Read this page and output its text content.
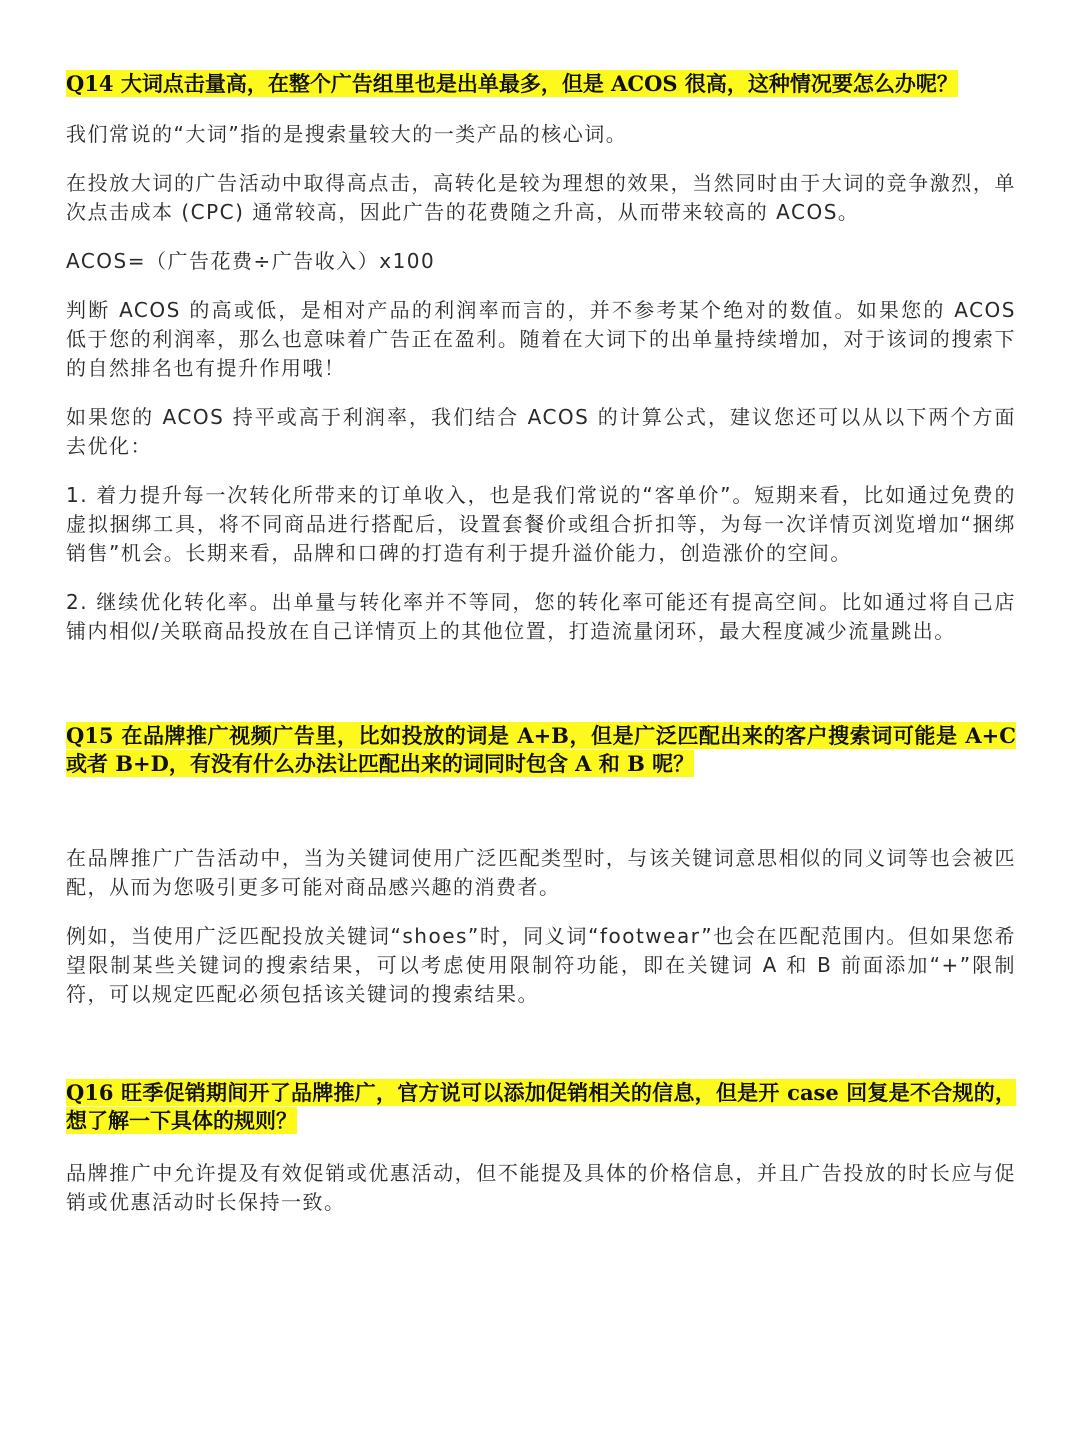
Q14 大词点击量高，在整个广告组里也是出单最多，但是 ACOS 很高，这种情况要怎么办呢？

我们常说的“大词”指的是搜索量较大的一类产品的核心词。

在投放大词的广告活动中取得高点击，高转化是较为理想的效果，当然同时由于大词的竞争激烈，单次点击成本 (CPC) 通常较高，因此广告的花费随之升高，从而带来较高的 ACOS。

ACOS=（广告花费÷广告收入）x100

判断 ACOS 的高或低，是相对产品的利润率而言的，并不参考某个绝对的数值。如果您的 ACOS 低于您的利润率，那么也意味着广告正在盈利。随着在大词下的出单量持续增加，对于该词的搜索下的自然排名也有提升作用哦！

如果您的 ACOS 持平或高于利润率，我们结合 ACOS 的计算公式，建议您还可以从以下两个方面去优化：

1. 着力提升每一次转化所带来的订单收入，也是我们常说的“客单价”。短期来看，比如通过免费的虚拟捆绑工具，将不同商品进行搭配后，设置套餐价或组合折扣等，为每一次详情页浏览增加“捆绑销售”机会。长期来看，品牌和口碑的打造有利于提升溢价能力，创造涨价的空间。

2. 继续优化转化率。出单量与转化率并不等同，您的转化率可能还有提高空间。比如通过将自己店铺内相似/关联商品投放在自己详情页上的其他位置，打造流量闭环，最大程度减少流量跳出。

Q15 在品牌推广视频广告里，比如投放的词是 A+B，但是广泛匹配出来的客户搜索词可能是 A+C 或者 B+D，有没有什么办法让匹配出来的词同时包含 A 和 B 呢？

在品牌推广广告活动中，当为关键词使用广泛匹配类型时，与该关键词意思相似的同义词等也会被匹配，从而为您吸引更多可能对商品感兴趣的消费者。

例如，当使用广泛匹配投放关键词“shoes”时，同义词“footwear”也会在匹配范围内。但如果您希望限制某些关键词的搜索结果，可以考虑使用限制符功能，即在关键词 A 和 B 前面添加“+”限制符，可以规定匹配必须包括该关键词的搜索结果。

Q16 旺季促销期间开了品牌推广，官方说可以添加促销相关的信息，但是开 case 回复是不合规的，想了解一下具体的规则？

品牌推广中允许提及有效促销或优惠活动，但不能提及具体的价格信息，并且广告投放的时长应与促销或优惠活动时长保持一致。
